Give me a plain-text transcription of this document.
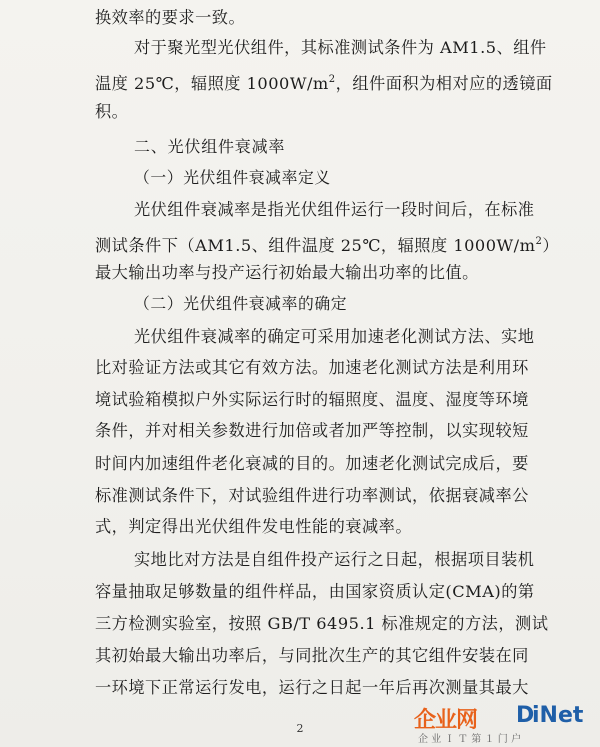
换效率的要求一致。
对于聚光型光伏组件，其标准测试条件为 AM1.5、组件
温度 25℃，辐照度 $1000W/m^2$，组件面积为相对应的透镜面
积。
二、光伏组件衰减率
（一）光伏组件衰减率定义
光伏组件衰减率是指光伏组件运行一段时间后，在标准
测试条件下（AM1.5、组件温度 25℃，辐照度 $1000W/m^2$）
最大输出功率与投产运行初始最大输出功率的比值。
（二）光伏组件衰减率的确定
光伏组件衰减率的确定可采用加速老化测试方法、实地
比对验证方法或其它有效方法。加速老化测试方法是利用环
境试验箱模拟户外实际运行时的辐照度、温度、湿度等环境
条件，并对相关参数进行加倍或者加严等控制，以实现较短
时间内加速组件老化衰减的目的。加速老化测试完成后，要
标准测试条件下，对试验组件进行功率测试，依据衰减率公
式，判定得出光伏组件发电性能的衰减率。
实地比对方法是自组件投产运行之日起，根据项目装机
容量抽取足够数量的组件样品，由国家资质认定(CMA)的第
三方检测实验室，按照 GB/T 6495.1 标准规定的方法，测试
其初始最大输出功率后，与同批次生产的其它组件安装在同
一环境下正常运行发电，运行之日起一年后再次测量其最大
2	企业网 D
iNet
企业ＩＴ第１门户
